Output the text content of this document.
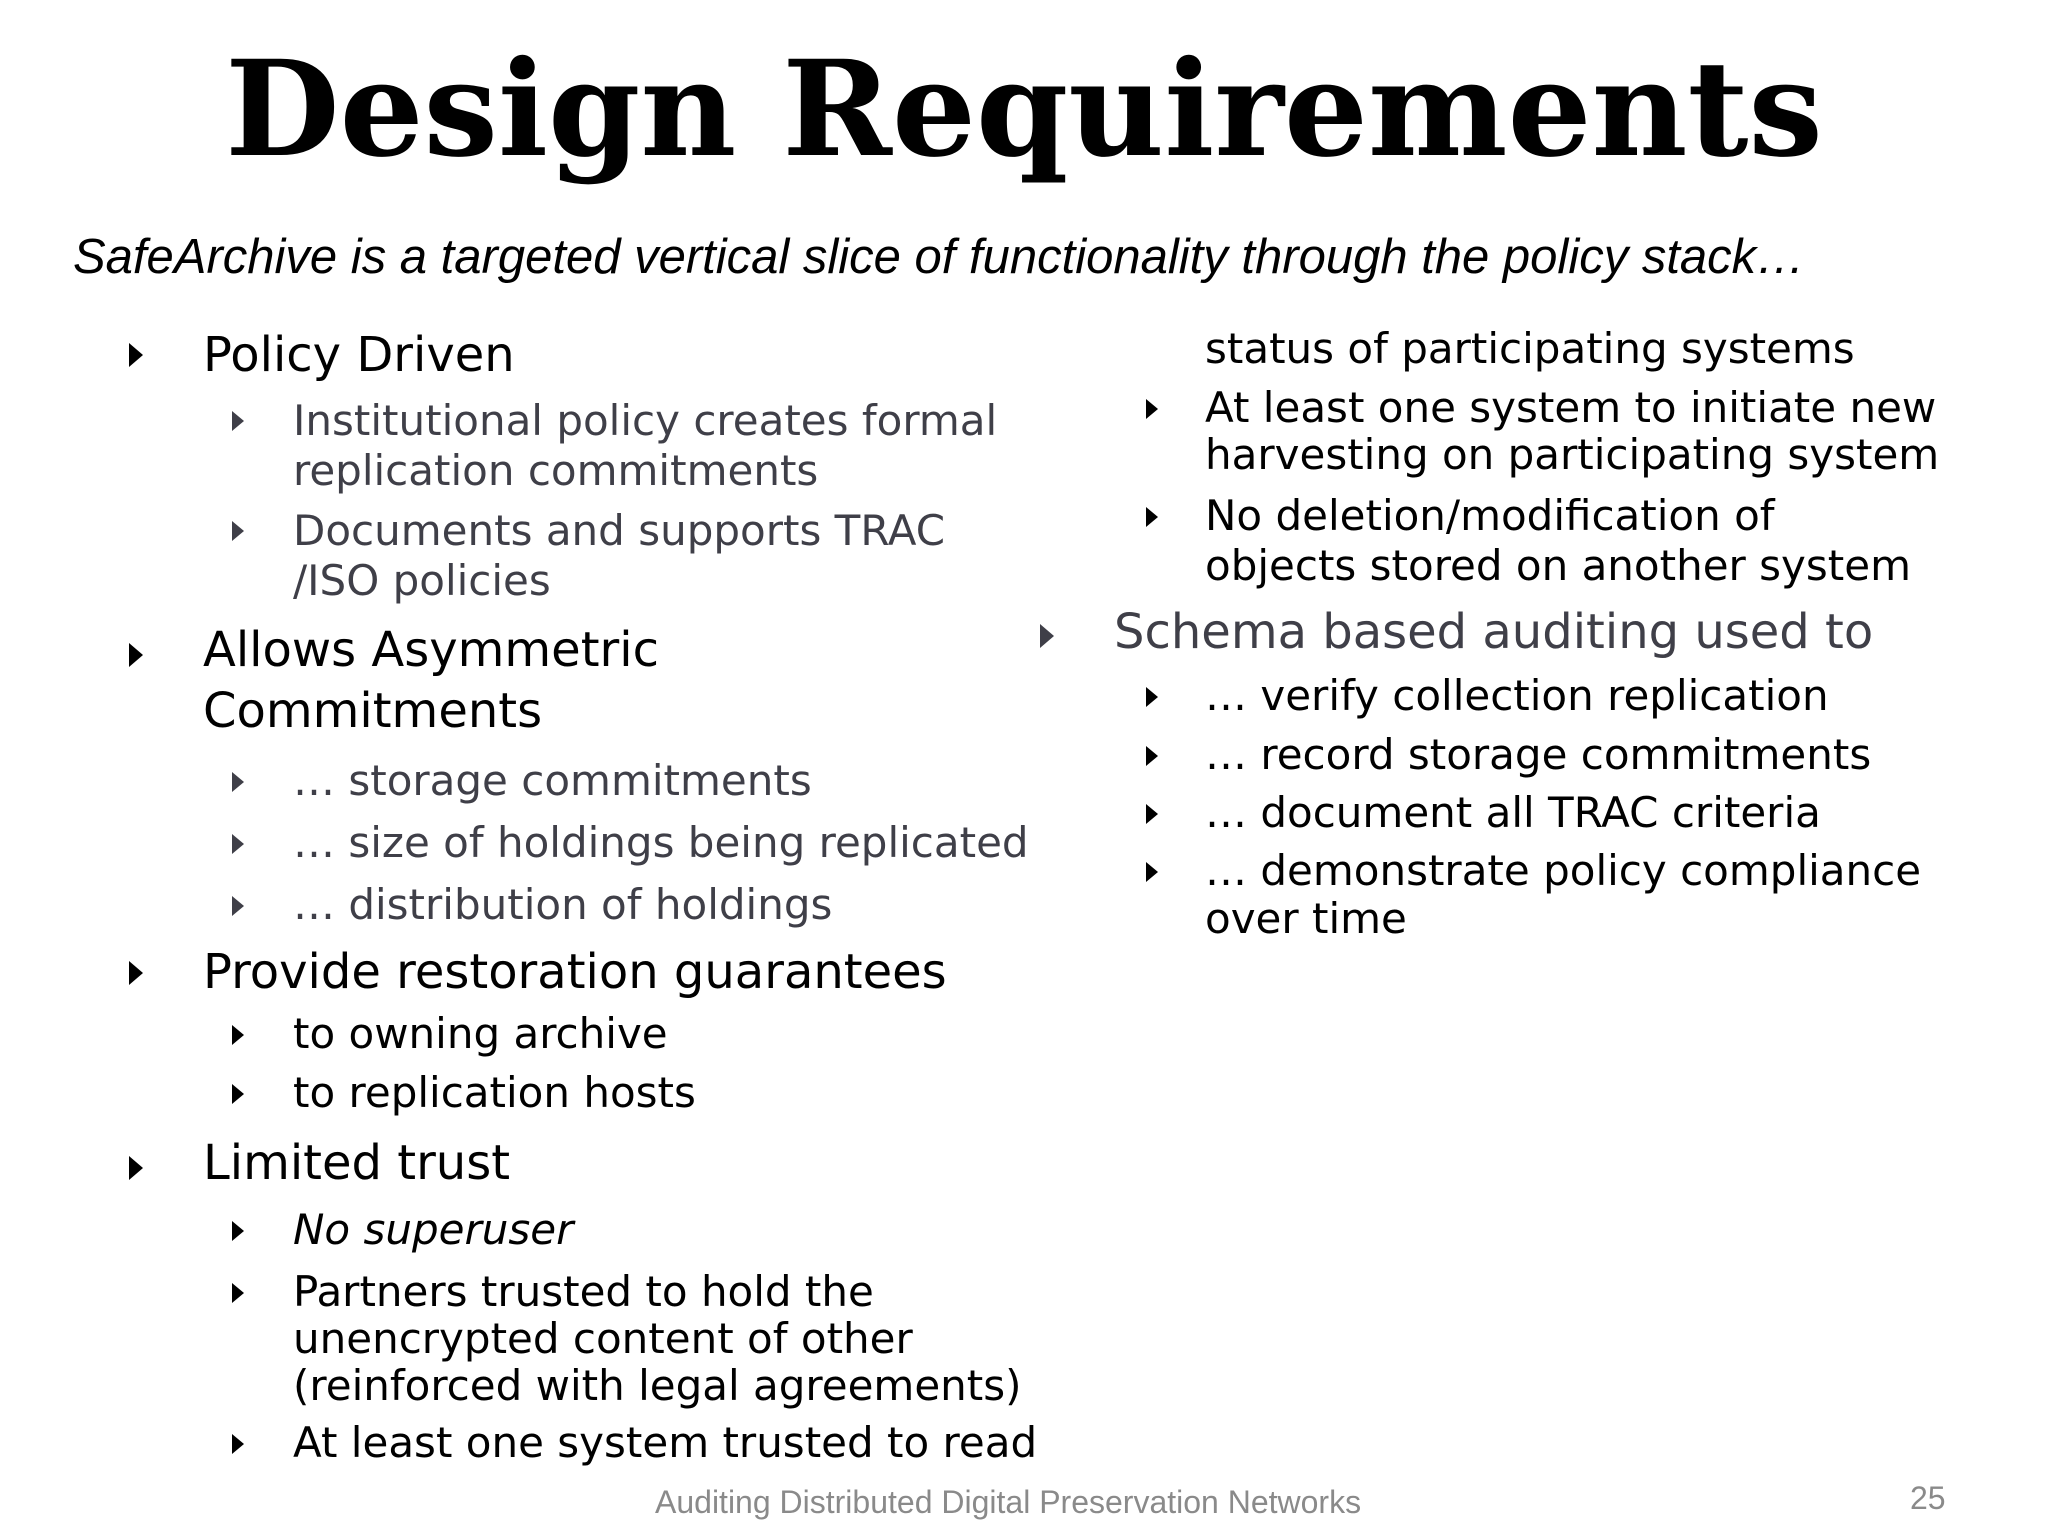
Design Requirements

SafeArchive is a targeted vertical slice of functionality through the policy stack…

Policy Driven

Institutional policy creates formal

replication commitments

Documents and supports TRAC

/ISO policies

Allows Asymmetric

Commitments

… storage commitments

… size of holdings being replicated

… distribution of holdings

Provide restoration guarantees

to owning archive

to replication hosts

Limited trust

No superuser

Partners trusted to hold the

unencrypted content of other

(reinforced with legal agreements)

At least one system trusted to read

status of participating systems

At least one system to initiate new

harvesting on participating system

No deletion/modification of

objects stored on another system

Schema based auditing used to

… verify collection replication

… record storage commitments

… document all TRAC criteria

… demonstrate policy compliance

over time

Auditing Distributed Digital Preservation Networks	25
